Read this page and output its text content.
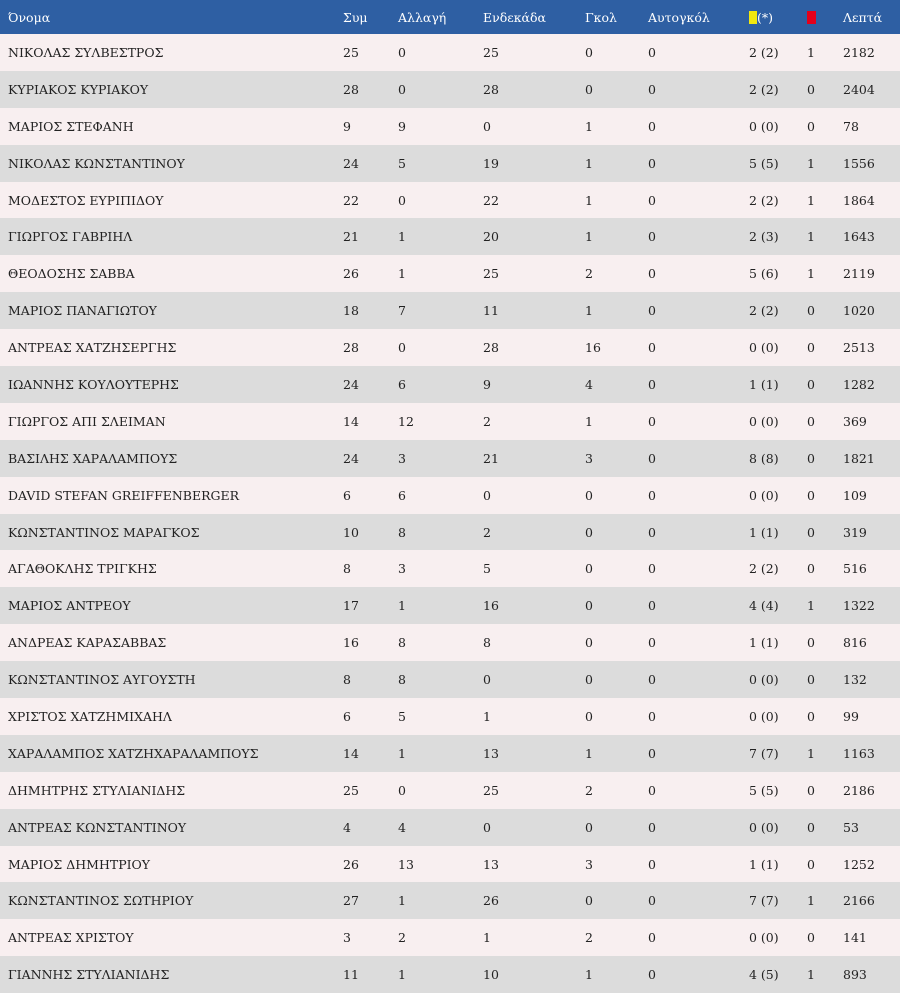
Όνομα	Συμ	Αλλαγή	Ενδεκάδα	Γκολ	Αυτογκόλ	(*)		Λεπτά
ΝΙΚΟΛΑΣ ΣΥΛΒΕΣΤΡΟΣ	25	0	25	0	0	2 (2)	1	2182
ΚΥΡΙΑΚΟΣ ΚΥΡΙΑΚΟΥ	28	0	28	0	0	2 (2)	0	2404
ΜΑΡΙΟΣ ΣΤΕΦΑΝΗ	9	9	0	1	0	0 (0)	0	78
ΝΙΚΟΛΑΣ ΚΩΝΣΤΑΝΤΙΝΟΥ	24	5	19	1	0	5 (5)	1	1556
ΜΟΔΕΣΤΟΣ ΕΥΡΙΠΙΔΟΥ	22	0	22	1	0	2 (2)	1	1864
ΓΙΩΡΓΟΣ ΓΑΒΡΙΗΛ	21	1	20	1	0	2 (3)	1	1643
ΘΕΟΔΟΣΗΣ ΣΑΒΒΑ	26	1	25	2	0	5 (6)	1	2119
ΜΑΡΙΟΣ ΠΑΝΑΓΙΩΤΟΥ	18	7	11	1	0	2 (2)	0	1020
ΑΝΤΡΕΑΣ ΧΑΤΖΗΣΕΡΓΗΣ	28	0	28	16	0	0 (0)	0	2513
ΙΩΑΝΝΗΣ ΚΟΥΛΟΥΤΕΡΗΣ	24	6	9	4	0	1 (1)	0	1282
ΓΙΩΡΓΟΣ ΑΠΙ ΣΛΕΙΜΑΝ	14	12	2	1	0	0 (0)	0	369
ΒΑΣΙΛΗΣ ΧΑΡΑΛΑΜΠΟΥΣ	24	3	21	3	0	8 (8)	0	1821
DAVID STEFAN GREIFFENBERGER	6	6	0	0	0	0 (0)	0	109
ΚΩΝΣΤΑΝΤΙΝΟΣ ΜΑΡΑΓΚΟΣ	10	8	2	0	0	1 (1)	0	319
ΑΓΑΘΟΚΛΗΣ ΤΡΙΓΚΗΣ	8	3	5	0	0	2 (2)	0	516
ΜΑΡΙΟΣ ΑΝΤΡΕΟΥ	17	1	16	0	0	4 (4)	1	1322
ΑΝΔΡΕΑΣ ΚΑΡΑΣΑΒΒΑΣ	16	8	8	0	0	1 (1)	0	816
ΚΩΝΣΤΑΝΤΙΝΟΣ ΑΥΓΟΥΣΤΗ	8	8	0	0	0	0 (0)	0	132
ΧΡΙΣΤΟΣ ΧΑΤΖΗΜΙΧΑΗΛ	6	5	1	0	0	0 (0)	0	99
ΧΑΡΑΛΑΜΠΟΣ ΧΑΤΖΗΧΑΡΑΛΑΜΠΟΥΣ	14	1	13	1	0	7 (7)	1	1163
ΔΗΜΗΤΡΗΣ ΣΤΥΛΙΑΝΙΔΗΣ	25	0	25	2	0	5 (5)	0	2186
ΑΝΤΡΕΑΣ ΚΩΝΣΤΑΝΤΙΝΟΥ	4	4	0	0	0	0 (0)	0	53
ΜΑΡΙΟΣ ΔΗΜΗΤΡΙΟΥ	26	13	13	3	0	1 (1)	0	1252
ΚΩΝΣΤΑΝΤΙΝΟΣ ΣΩΤΗΡΙΟΥ	27	1	26	0	0	7 (7)	1	2166
ΑΝΤΡΕΑΣ ΧΡΙΣΤΟΥ	3	2	1	2	0	0 (0)	0	141
ΓΙΑΝΝΗΣ ΣΤΥΛΙΑΝΙΔΗΣ	11	1	10	1	0	4 (5)	1	893
